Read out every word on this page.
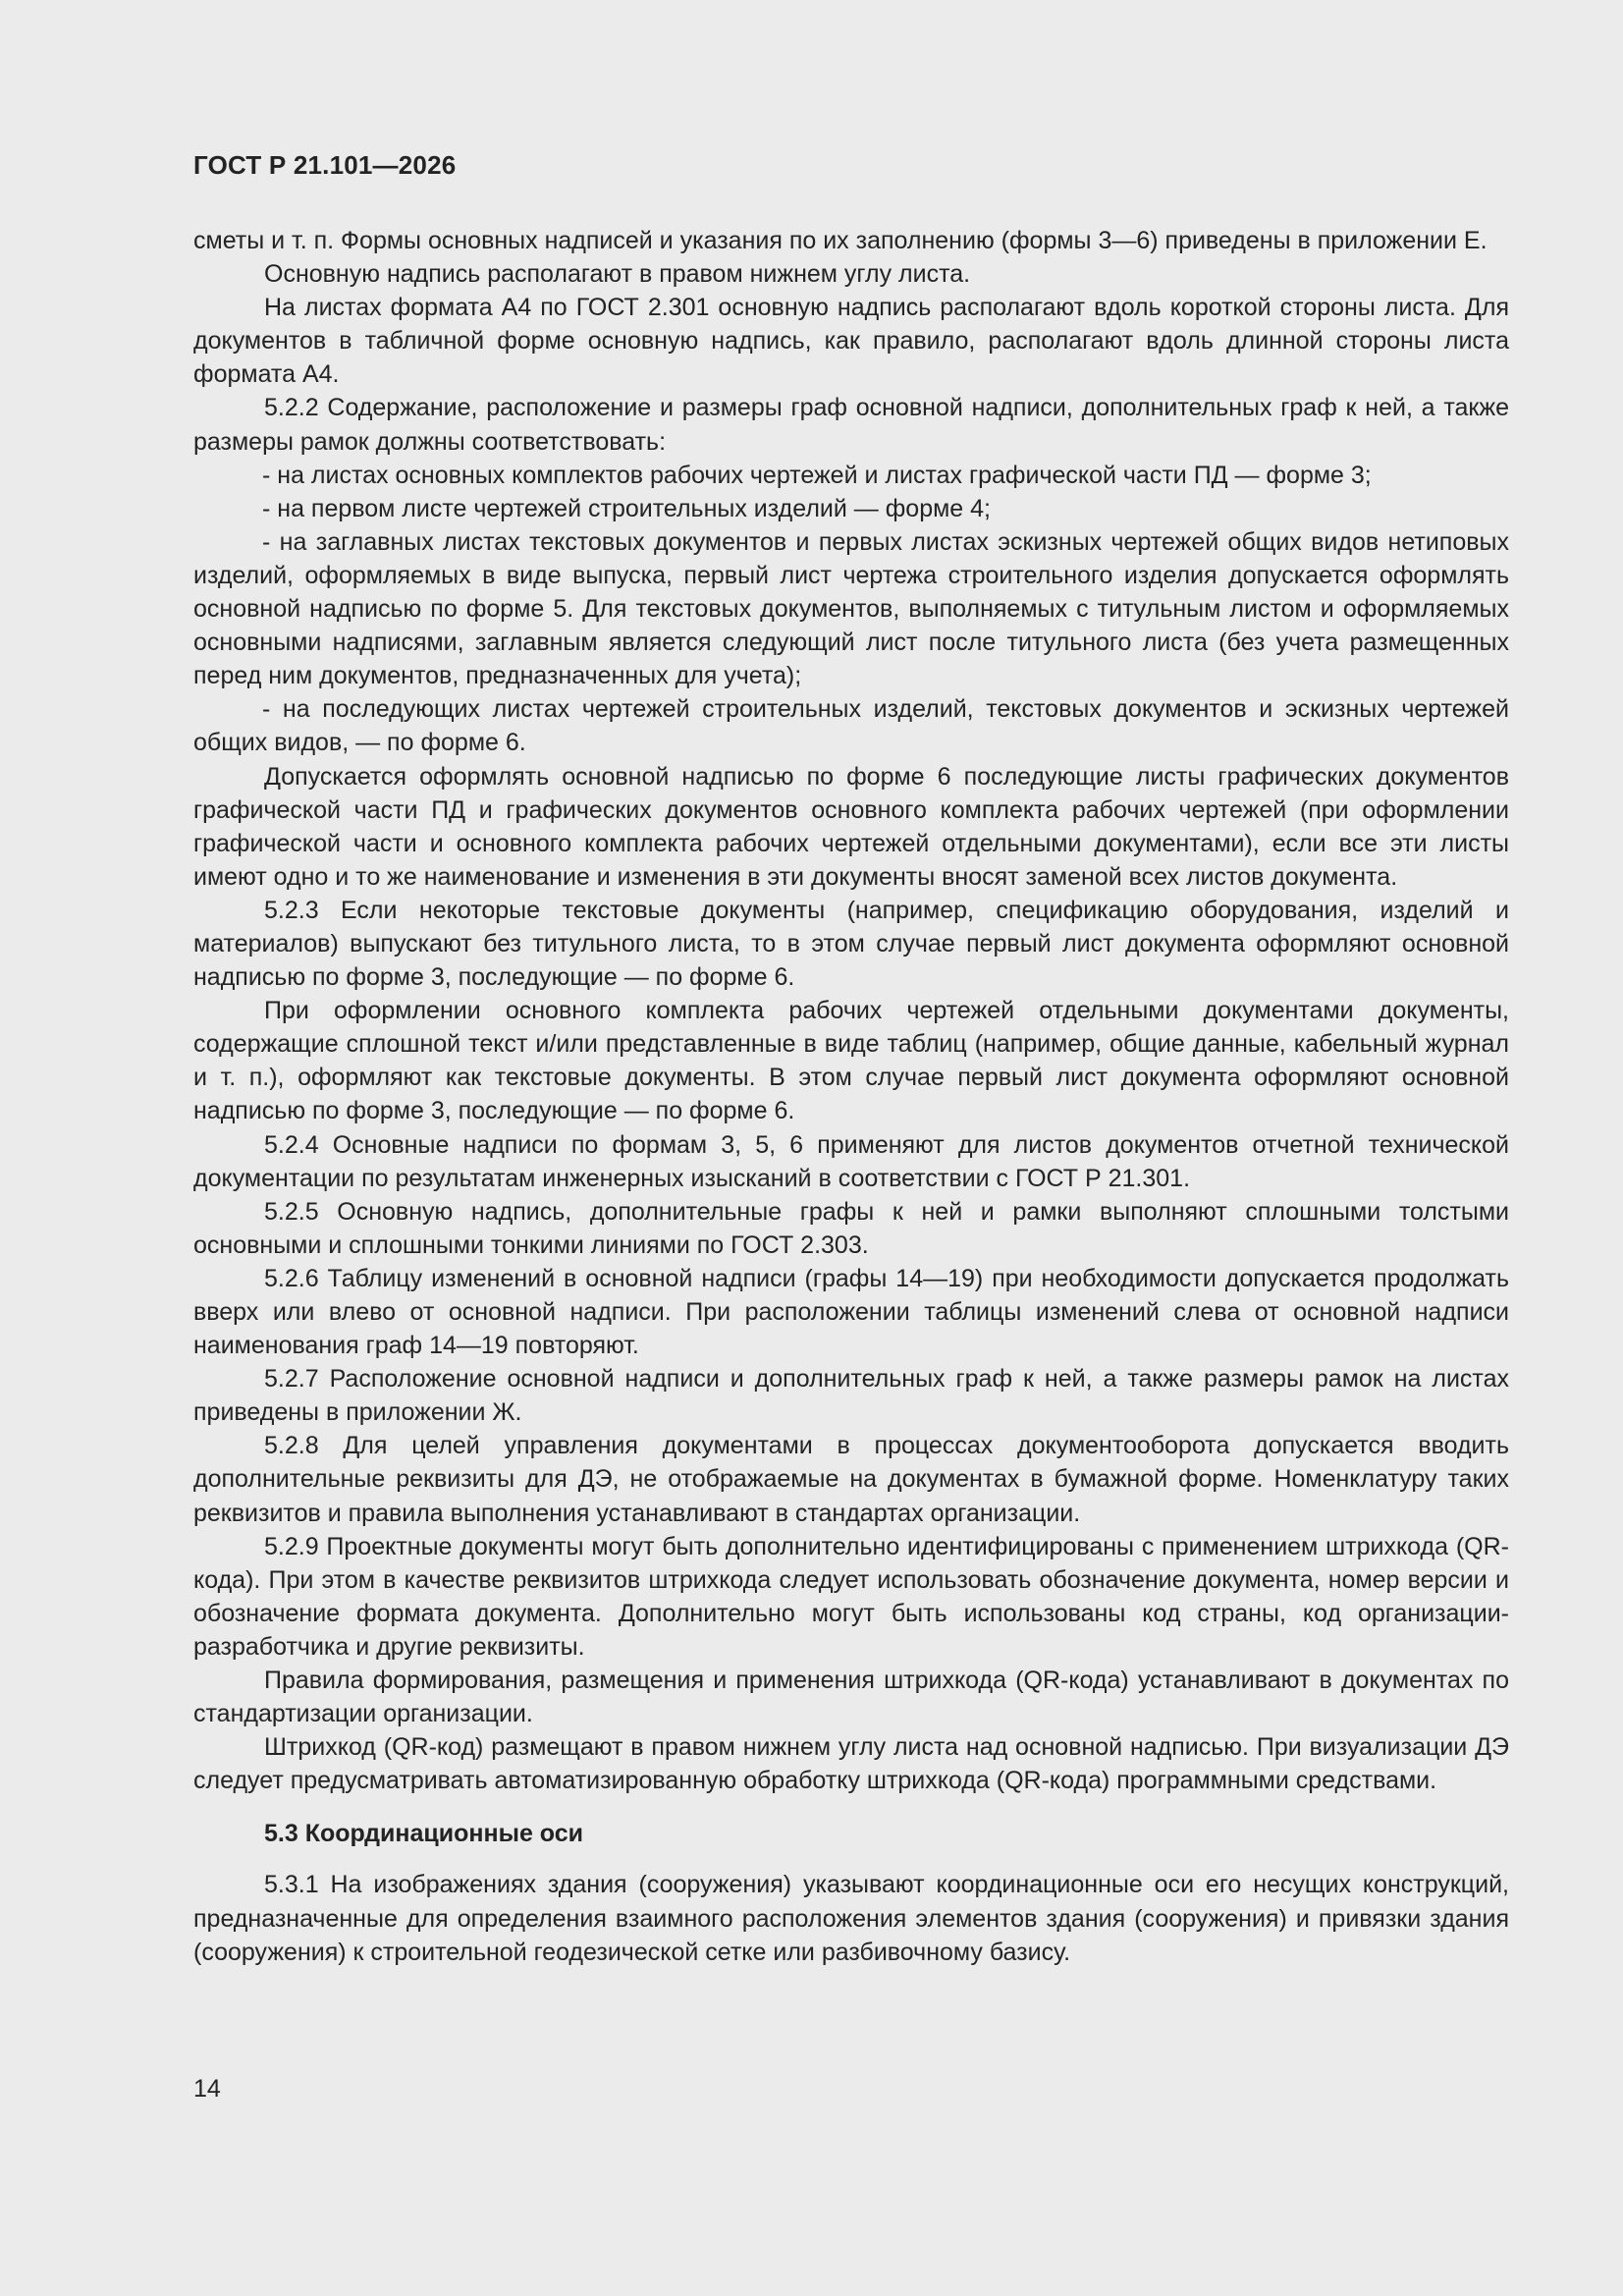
ГОСТ Р 21.101—2026

сметы и т. п. Формы основных надписей и указания по их заполнению (формы 3—6) приведены в приложении Е.

Основную надпись располагают в правом нижнем углу листа.

На листах формата А4 по ГОСТ 2.301 основную надпись располагают вдоль короткой стороны листа. Для документов в табличной форме основную надпись, как правило, располагают вдоль длинной стороны листа формата А4.

5.2.2 Содержание, расположение и размеры граф основной надписи, дополнительных граф к ней, а также размеры рамок должны соответствовать:

- на листах основных комплектов рабочих чертежей и листах графической части ПД — форме 3;

- на первом листе чертежей строительных изделий — форме 4;

- на заглавных листах текстовых документов и первых листах эскизных чертежей общих видов нетиповых изделий, оформляемых в виде выпуска, первый лист чертежа строительного изделия допускается оформлять основной надписью по форме 5. Для текстовых документов, выполняемых с титульным листом и оформляемых основными надписями, заглавным является следующий лист после титульного листа (без учета размещенных перед ним документов, предназначенных для учета);

- на последующих листах чертежей строительных изделий, текстовых документов и эскизных чертежей общих видов, — по форме 6.

Допускается оформлять основной надписью по форме 6 последующие листы графических документов графической части ПД и графических документов основного комплекта рабочих чертежей (при оформлении графической части и основного комплекта рабочих чертежей отдельными документами), если все эти листы имеют одно и то же наименование и изменения в эти документы вносят заменой всех листов документа.

5.2.3 Если некоторые текстовые документы (например, спецификацию оборудования, изделий и материалов) выпускают без титульного листа, то в этом случае первый лист документа оформляют основной надписью по форме 3, последующие — по форме 6.

При оформлении основного комплекта рабочих чертежей отдельными документами документы, содержащие сплошной текст и/или представленные в виде таблиц (например, общие данные, кабельный журнал и т. п.), оформляют как текстовые документы. В этом случае первый лист документа оформляют основной надписью по форме 3, последующие — по форме 6.

5.2.4 Основные надписи по формам 3, 5, 6 применяют для листов документов отчетной технической документации по результатам инженерных изысканий в соответствии с ГОСТ Р 21.301.

5.2.5 Основную надпись, дополнительные графы к ней и рамки выполняют сплошными толстыми основными и сплошными тонкими линиями по ГОСТ 2.303.

5.2.6 Таблицу изменений в основной надписи (графы 14—19) при необходимости допускается продолжать вверх или влево от основной надписи. При расположении таблицы изменений слева от основной надписи наименования граф 14—19 повторяют.

5.2.7 Расположение основной надписи и дополнительных граф к ней, а также размеры рамок на листах приведены в приложении Ж.

5.2.8 Для целей управления документами в процессах документооборота допускается вводить дополнительные реквизиты для ДЭ, не отображаемые на документах в бумажной форме. Номенклатуру таких реквизитов и правила выполнения устанавливают в стандартах организации.

5.2.9 Проектные документы могут быть дополнительно идентифицированы с применением штрихкода (QR-кода). При этом в качестве реквизитов штрихкода следует использовать обозначение документа, номер версии и обозначение формата документа. Дополнительно могут быть использованы код страны, код организации-разработчика и другие реквизиты.

Правила формирования, размещения и применения штрихкода (QR-кода) устанавливают в документах по стандартизации организации.

Штрихкод (QR-код) размещают в правом нижнем углу листа над основной надписью. При визуализации ДЭ следует предусматривать автоматизированную обработку штрихкода (QR-кода) программными средствами.

5.3 Координационные оси

5.3.1 На изображениях здания (сооружения) указывают координационные оси его несущих конструкций, предназначенные для определения взаимного расположения элементов здания (сооружения) и привязки здания (сооружения) к строительной геодезической сетке или разбивочному базису.

14
